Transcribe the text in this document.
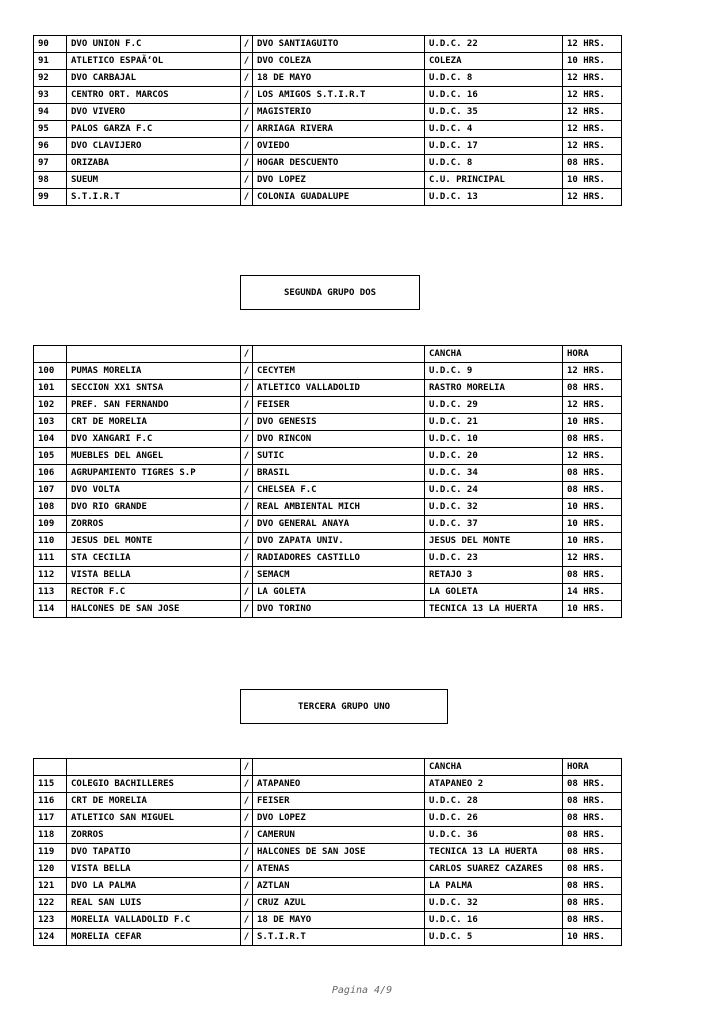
90	DVO UNION F.C	/	DVO SANTIAGUITO	U.D.C. 22	12 HRS.
91	ATLETICO ESPAÃ‘OL	/	DVO COLEZA	COLEZA	10 HRS.
92	DVO CARBAJAL	/	18 DE MAYO	U.D.C. 8	12 HRS.
93	CENTRO ORT. MARCOS	/	LOS AMIGOS S.T.I.R.T	U.D.C. 16	12 HRS.
94	DVO VIVERO	/	MAGISTERIO	U.D.C. 35	12 HRS.
95	PALOS GARZA F.C	/	ARRIAGA RIVERA	U.D.C. 4	12 HRS.
96	DVO CLAVIJERO	/	OVIEDO	U.D.C. 17	12 HRS.
97	ORIZABA	/	HOGAR DESCUENTO	U.D.C. 8	08 HRS.
98	SUEUM	/	DVO LOPEZ	C.U. PRINCIPAL	10 HRS.
99	S.T.I.R.T	/	COLONIA GUADALUPE	U.D.C. 13	12 HRS.
SEGUNDA GRUPO DOS
		/		CANCHA	HORA
100	PUMAS MORELIA	/	CECYTEM	U.D.C. 9	12 HRS.
101	SECCION XX1 SNTSA	/	ATLETICO VALLADOLID	RASTRO MORELIA	08 HRS.
102	PREF. SAN FERNANDO	/	FEISER	U.D.C. 29	12 HRS.
103	CRT DE MORELIA	/	DVO GENESIS	U.D.C. 21	10 HRS.
104	DVO XANGARI F.C	/	DVO RINCON	U.D.C. 10	08 HRS.
105	MUEBLES DEL ANGEL	/	SUTIC	U.D.C. 20	12 HRS.
106	AGRUPAMIENTO TIGRES S.P	/	BRASIL	U.D.C. 34	08 HRS.
107	DVO VOLTA	/	CHELSEA F.C	U.D.C. 24	08 HRS.
108	DVO RIO GRANDE	/	REAL AMBIENTAL MICH	U.D.C. 32	10 HRS.
109	ZORROS	/	DVO GENERAL ANAYA	U.D.C. 37	10 HRS.
110	JESUS DEL MONTE	/	DVO ZAPATA UNIV.	JESUS DEL MONTE	10 HRS.
111	STA CECILIA	/	RADIADORES CASTILLO	U.D.C. 23	12 HRS.
112	VISTA BELLA	/	SEMACM	RETAJO 3	08 HRS.
113	RECTOR F.C	/	LA GOLETA	LA GOLETA	14 HRS.
114	HALCONES DE SAN JOSE	/	DVO TORINO	TECNICA 13 LA HUERTA	10 HRS.
TERCERA GRUPO UNO
		/		CANCHA	HORA
115	COLEGIO BACHILLERES	/	ATAPANEO	ATAPANEO 2	08 HRS.
116	CRT DE MORELIA	/	FEISER	U.D.C. 28	08 HRS.
117	ATLETICO SAN MIGUEL	/	DVO LOPEZ	U.D.C. 26	08 HRS.
118	ZORROS	/	CAMERUN	U.D.C. 36	08 HRS.
119	DVO TAPATIO	/	HALCONES DE SAN JOSE	TECNICA 13 LA HUERTA	08 HRS.
120	VISTA BELLA	/	ATENAS	CARLOS SUAREZ CAZARES	08 HRS.
121	DVO LA PALMA	/	AZTLAN	LA PALMA	08 HRS.
122	REAL SAN LUIS	/	CRUZ AZUL	U.D.C. 32	08 HRS.
123	MORELIA VALLADOLID F.C	/	18 DE MAYO	U.D.C. 16	08 HRS.
124	MORELIA CEFAR	/	S.T.I.R.T	U.D.C. 5	10 HRS.
Pagina 4/9
